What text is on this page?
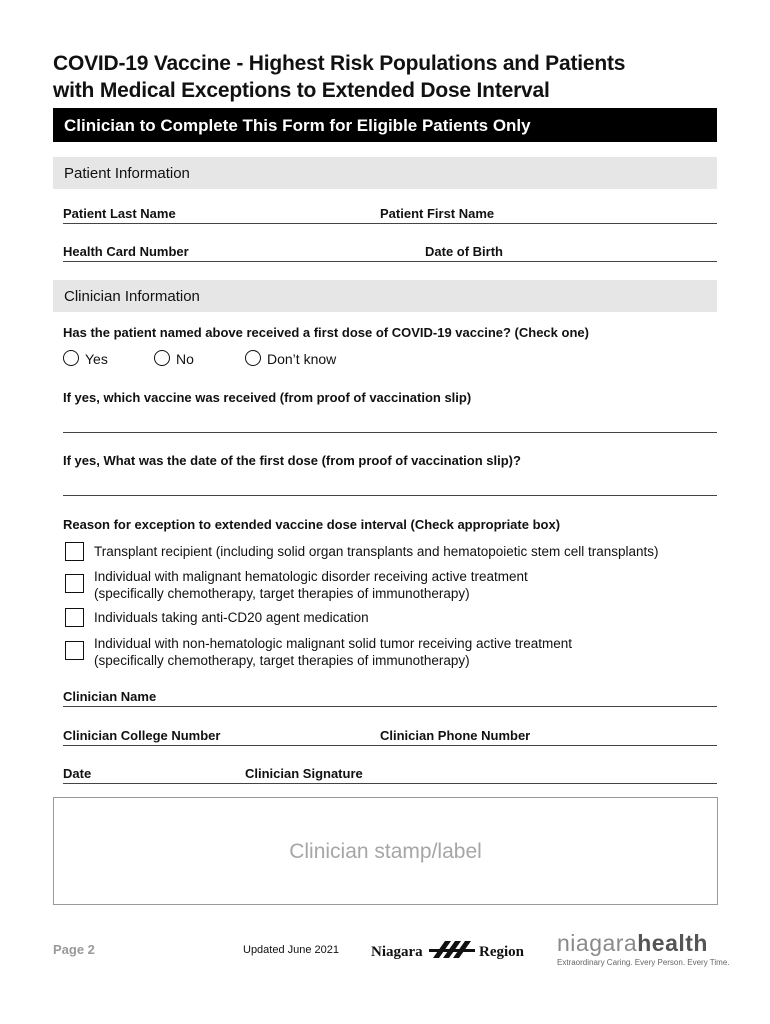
COVID-19 Vaccine - Highest Risk Populations and Patients
with Medical Exceptions to Extended Dose Interval
Clinician to Complete This Form for Eligible Patients Only
Patient Information
Patient Last Name	Patient First Name
Health Card Number	Date of Birth
Clinician Information
Has the patient named above received a first dose of COVID-19 vaccine? (Check one)
Yes	No	Don’t know
If yes, which vaccine was received (from proof of vaccination slip)
If yes, What was the date of the first dose (from proof of vaccination slip)?
Reason for exception to extended vaccine dose interval (Check appropriate box)
Transplant recipient (including solid organ transplants and hematopoietic stem cell transplants)
Individual with malignant hematologic disorder receiving active treatment
(specifically chemotherapy, target therapies of immunotherapy)
Individuals taking anti-CD20 agent medication
Individual with non-hematologic malignant solid tumor receiving active treatment
(specifically chemotherapy, target therapies of immunotherapy)
Clinician Name
Clinician College Number	Clinician Phone Number
Date	Clinician Signature
Clinician stamp/label
Page 2	Updated June 2021 Niagara	Region niagarahealth
Extraordinary Caring. Every Person. Every Time.
